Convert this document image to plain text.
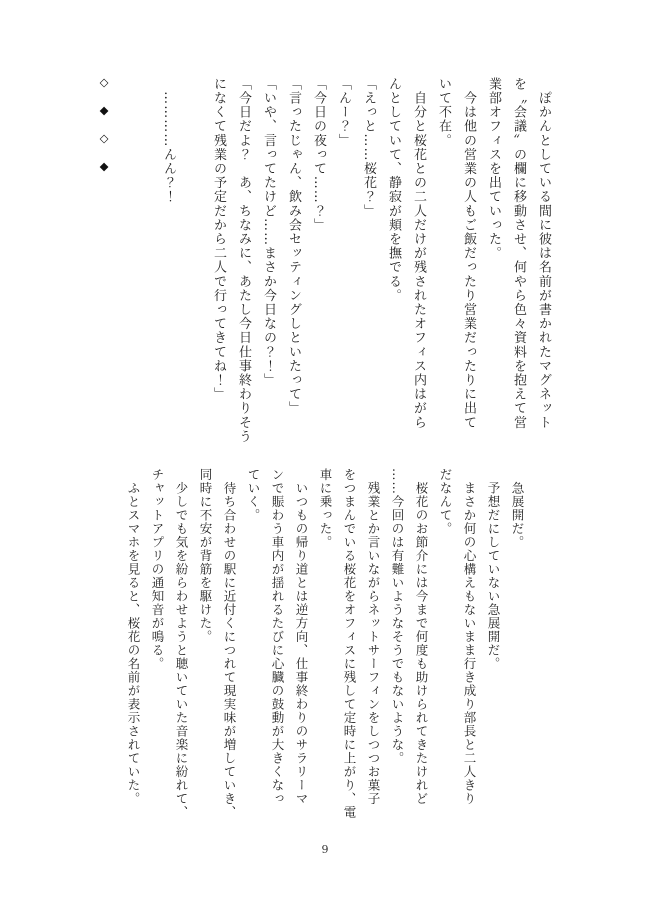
　ぽかんとしている間に彼は名前が書かれたマグネット
を〝会議〟の欄に移動させ、何やら色々資料を抱えて営
業部オフィスを出ていった。
　今は他の営業の人もご飯だったり営業だったりに出て
いて不在。
　自分と桜花との二人だけが残されたオフィス内はがら
んとしていて、静寂が頬を撫でる。
「えっと……桜花？」
「んー？」
「今日の夜って……？」
「言ったじゃん、飲み会セッティングしといたって」
「いや、言ってたけど……まさか今日なの？！」
「今日だよ？　あ、ちなみに、あたし今日仕事終わりそう
になくて残業の予定だから二人で行ってきてね！」
　…………んん？！
◇
◆
◇
◆
　急展開だ。
　予想だにしていない急展開だ。
　まさか何の心構えもないまま行き成り部長と二人きり
だなんて。
　桜花のお節介には今まで何度も助けられてきたけれど
……今回のは有難いようなそうでもないような。
　残業とか言いながらネットサーフィンをしつつお菓子
をつまんでいる桜花をオフィスに残して定時に上がり、電
車に乗った。
　いつもの帰り道とは逆方向、仕事終わりのサラリーマ
ンで賑わう車内が揺れるたびに心臓の鼓動が大きくなっ
ていく。
　待ち合わせの駅に近付くにつれて現実味が増していき、
同時に不安が背筋を駆けた。
　少しでも気を紛らわせようと聴いていた音楽に紛れて、
チャットアプリの通知音が鳴る。
　ふとスマホを見ると、桜花の名前が表示されていた。
9
